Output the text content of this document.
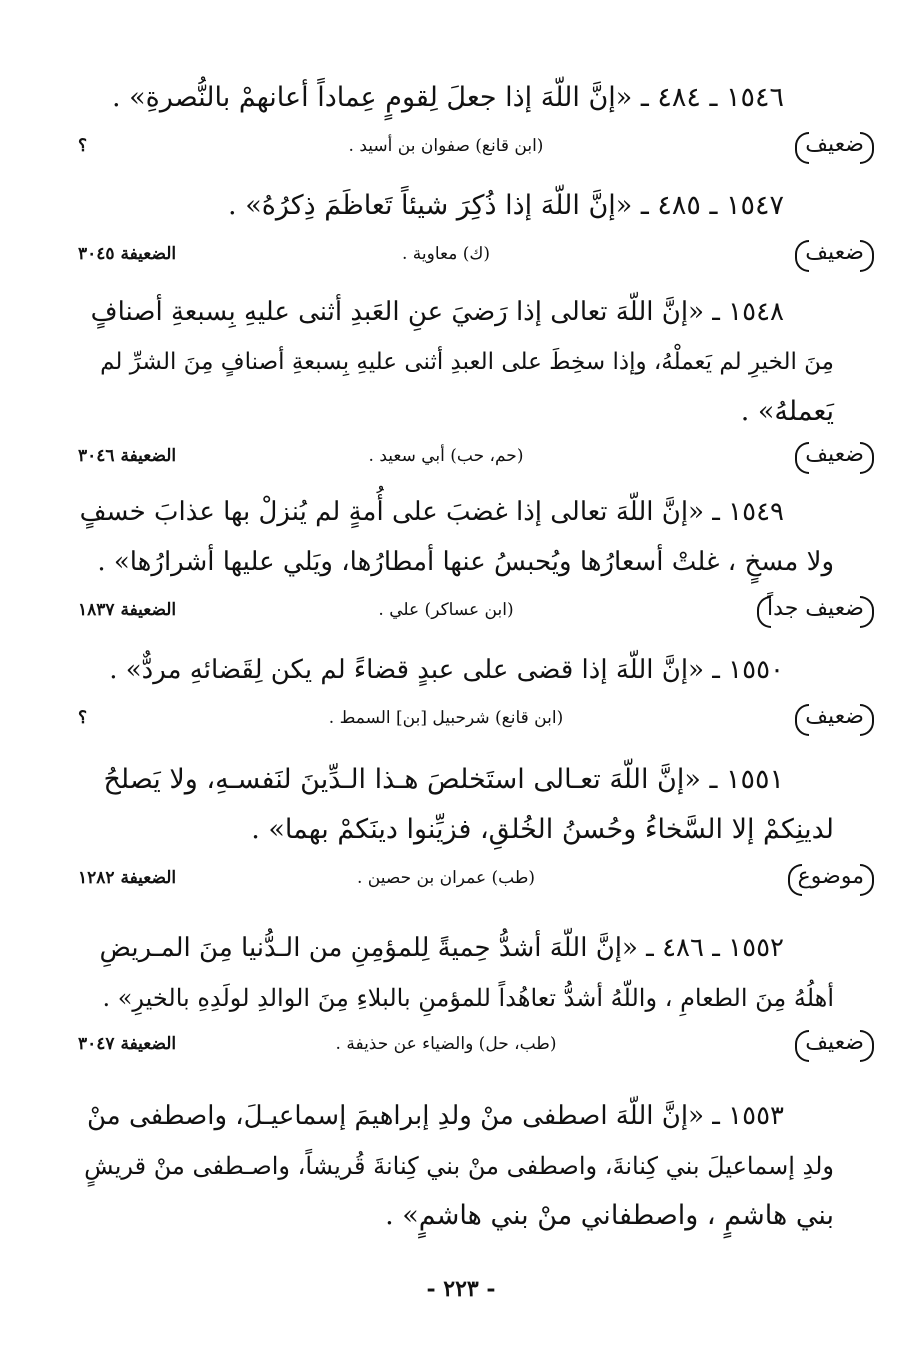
١٥٤٦ ـ ٤٨٤ ـ «إنَّ اللّهَ إذا جعلَ لِقومٍ عِماداً أعانهمْ بالنُّصرةِ» .
ضعيف
(ابن قانع) صفوان بن أسيد .
؟
١٥٤٧ ـ ٤٨٥ ـ «إنَّ اللّهَ إذا ذُكِرَ شيئاً تَعاظَمَ ذِكرُهُ» .
ضعيف
(ك) معاوية .
الضعيفة ٣٠٤٥
١٥٤٨ ـ «إنَّ اللّهَ تعالى إذا رَضيَ عنِ العَبدِ أثنى عليهِ بِسبعةِ أصنافٍ
مِنَ الخيرِ لم يَعملْهُ، وإذا سخِطَ على العبدِ أثنى عليهِ بِسبعةِ أصنافٍ مِنَ الشرِّ لم
يَعملهُ» .
ضعيف
(حم، حب) أبي سعيد .
الضعيفة ٣٠٤٦
١٥٤٩ ـ «إنَّ اللّهَ تعالى إذا غضبَ على أُمةٍ لم يُنزلْ بها عذابَ خسفٍ
ولا مسخٍ ، غلتْ أسعارُها ويُحبسُ عنها أمطارُها، ويَلي عليها أشرارُها» .
ضعيف جداً
(ابن عساكر) علي .
الضعيفة ١٨٣٧
١٥٥٠ ـ «إنَّ اللّهَ إذا قضى على عبدٍ قضاءً لم يكن لِقَضائهِ مردٌّ» .
ضعيف
(ابن قانع) شرحبيل [بن] السمط .
؟
١٥٥١ ـ «إنَّ اللّهَ تعـالى استَخلصَ هـذا الـدِّينَ لنَفسـهِ، ولا يَصلحُ
لدينِكمْ إلا السَّخاءُ وحُسنُ الخُلقِ، فزيِّنوا دينَكمْ بهما» .
موضوع
(طب) عمران بن حصين .
الضعيفة ١٢٨٢
١٥٥٢ ـ ٤٨٦ ـ «إنَّ اللّهَ أشدُّ حِميةً لِلمؤمِنِ من الـدُّنيا مِنَ المـريضِ
أهلُهُ مِنَ الطعامِ ، واللّهُ أشدُّ تعاهُداً للمؤمنِ بالبلاءِ مِنَ الوالدِ لولَدِهِ بالخيرِ» .
ضعيف
(طب، حل) والضياء عن حذيفة .
الضعيفة ٣٠٤٧
١٥٥٣ ـ «إنَّ اللّهَ اصطفى منْ ولدِ إبراهيمَ إسماعيـلَ، واصطفى منْ
ولدِ إسماعيلَ بني كِنانةَ، واصطفى منْ بني كِنانةَ قُريشاً، واصـطفى منْ قريشٍ
بني هاشمٍ ، واصطفاني منْ بني هاشمٍ» .
- ٢٢٣ -
